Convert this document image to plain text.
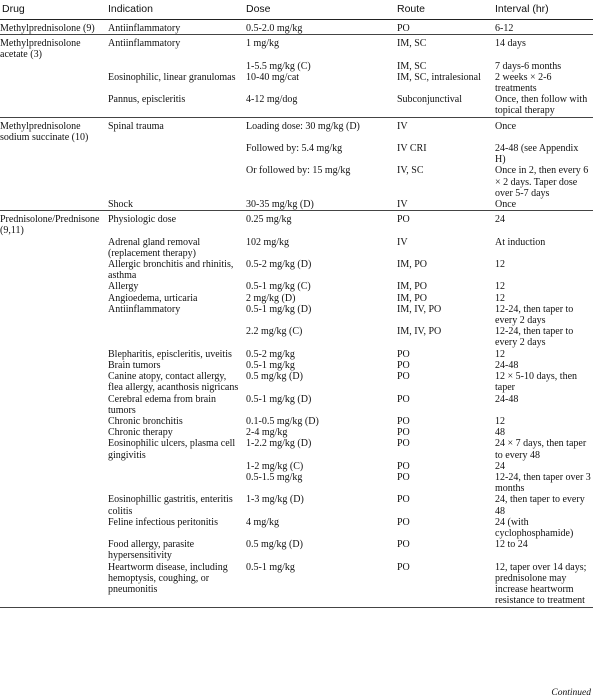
Drug	Indication	Dose	Route	Interval (hr)
Methylprednisolone (9)	Antiinflammatory	0.5-2.0 mg/kg	PO	6-12
Methylprednisolone acetate (3)	Antiinflammatory	1 mg/kg	IM, SC	14 days
		1-5.5 mg/kg (C)	IM, SC	7 days-6 months
	Eosinophilic, linear granulomas	10-40 mg/cat	IM, SC, intralesional	2 weeks × 2-6 treatments
	Pannus, episcleritis	4-12 mg/dog	Subconjunctival	Once, then follow with topical therapy
Methylprednisolone sodium succinate (10)	Spinal trauma	Loading dose: 30 mg/kg (D)	IV	Once
		Followed by: 5.4 mg/kg	IV CRI	24-48 (see Appendix H)
		Or followed by: 15 mg/kg	IV, SC	Once in 2, then every 6 × 2 days. Taper dose over 5-7 days
	Shock	30-35 mg/kg (D)	IV	Once
Prednisolone/Prednisone (9,11)	Physiologic dose	0.25 mg/kg	PO	24
	Adrenal gland removal (replacement therapy)	102 mg/kg	IV	At induction
	Allergic bronchitis and rhinitis, asthma	0.5-2 mg/kg (D)	IM, PO	12
	Allergy	0.5-1 mg/kg (C)	IM, PO	12
	Angioedema, urticaria	2 mg/kg (D)	IM, PO	12
	Antiinflammatory	0.5-1 mg/kg (D)	IM, IV, PO	12-24, then taper to every 2 days
		2.2 mg/kg (C)	IM, IV, PO	12-24, then taper to every 2 days
	Blepharitis, episcleritis, uveitis	0.5-2 mg/kg	PO	12
	Brain tumors	0.5-1 mg/kg	PO	24-48
	Canine atopy, contact allergy, flea allergy, acanthosis nigricans	0.5 mg/kg (D)	PO	12 × 5-10 days, then taper
	Cerebral edema from brain tumors	0.5-1 mg/kg (D)	PO	24-48
	Chronic bronchitis	0.1-0.5 mg/kg (D)	PO	12
	Chronic therapy	2-4 mg/kg	PO	48
	Eosinophilic ulcers, plasma cell gingivitis	1-2.2 mg/kg (D)	PO	24 × 7 days, then taper to every 48
		1-2 mg/kg (C)	PO	24
		0.5-1.5 mg/kg	PO	12-24, then taper over 3 months
	Eosinophillic gastritis, enteritis colitis	1-3 mg/kg (D)	PO	24, then taper to every 48
	Feline infectious peritonitis	4 mg/kg	PO	24 (with cyclophosphamide)
	Food allergy, parasite hypersensitivity	0.5 mg/kg (D)	PO	12 to 24
	Heartworm disease, including hemoptysis, coughing, or pneumonitis	0.5-1 mg/kg	PO	12, taper over 14 days; prednisolone may increase heartworm resistance to treatment
Continued
